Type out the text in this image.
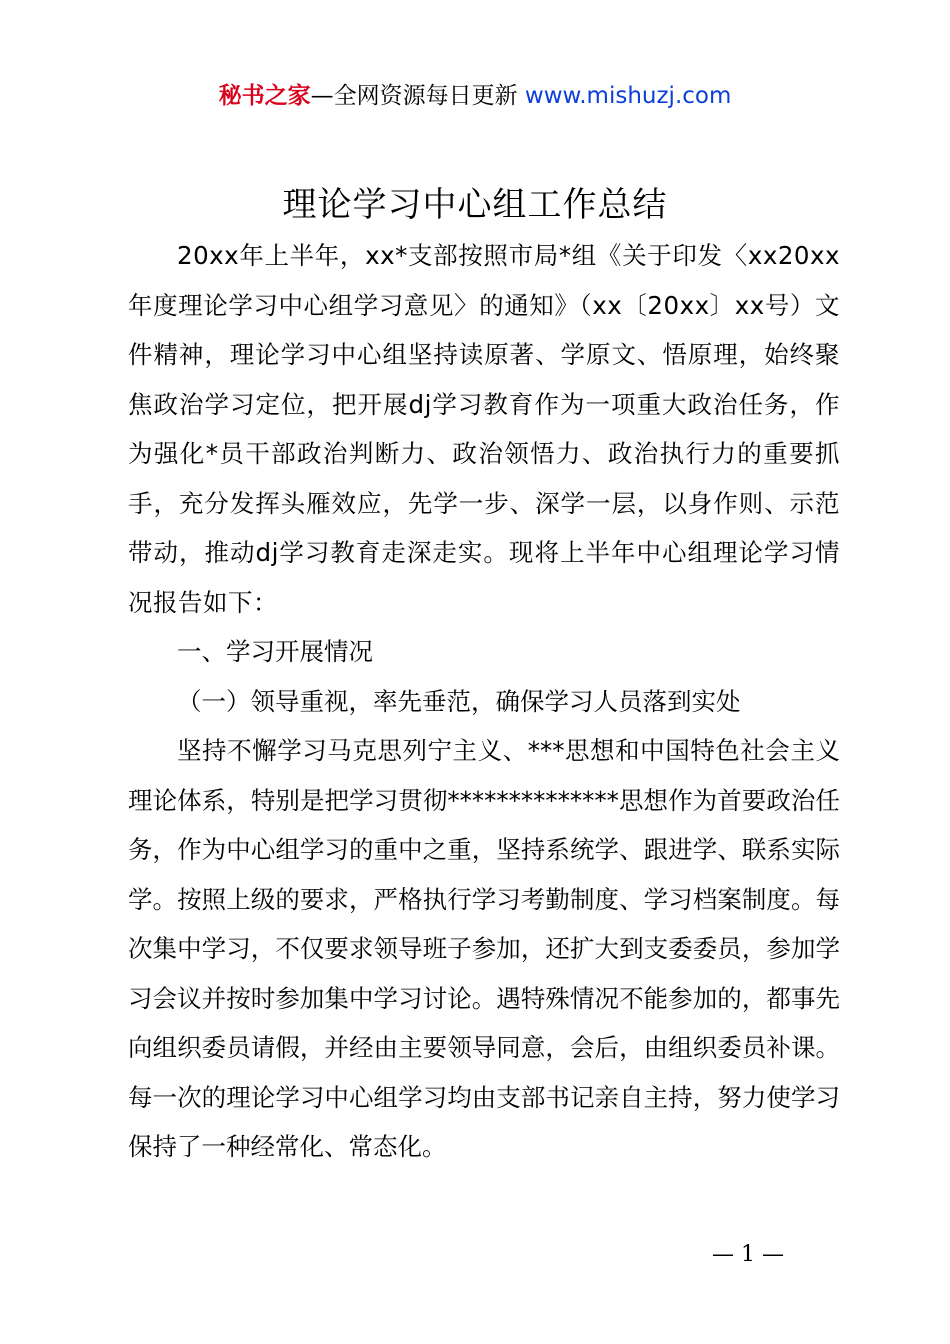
秘书之家—全网资源每日更新 www.mishuzj.com
理论学习中心组工作总结

20xx年上半年，xx*支部按照市局*组《关于印发〈xx20xx年度理论学习中心组学习意见〉的通知》（xx〔20xx〕xx号）文件精神，理论学习中心组坚持读原著、学原文、悟原理，始终聚焦政治学习定位，把开展dj学习教育作为一项重大政治任务，作为强化*员干部政治判断力、政治领悟力、政治执行力的重要抓手，充分发挥头雁效应，先学一步、深学一层，以身作则、示范带动，推动dj学习教育走深走实。现将上半年中心组理论学习情况报告如下：

一、学习开展情况

（一）领导重视，率先垂范，确保学习人员落到实处

坚持不懈学习马克思列宁主义、***思想和中国特色社会主义理论体系，特别是把学习贯彻**************思想作为首要政治任务，作为中心组学习的重中之重，坚持系统学、跟进学、联系实际学。按照上级的要求，严格执行学习考勤制度、学习档案制度。每次集中学习，不仅要求领导班子参加，还扩大到支委委员，参加学习会议并按时参加集中学习讨论。遇特殊情况不能参加的，都事先向组织委员请假，并经由主要领导同意，会后，由组织委员补课。每一次的理论学习中心组学习均由支部书记亲自主持，努力使学习保持了一种经常化、常态化。

— 1 —
